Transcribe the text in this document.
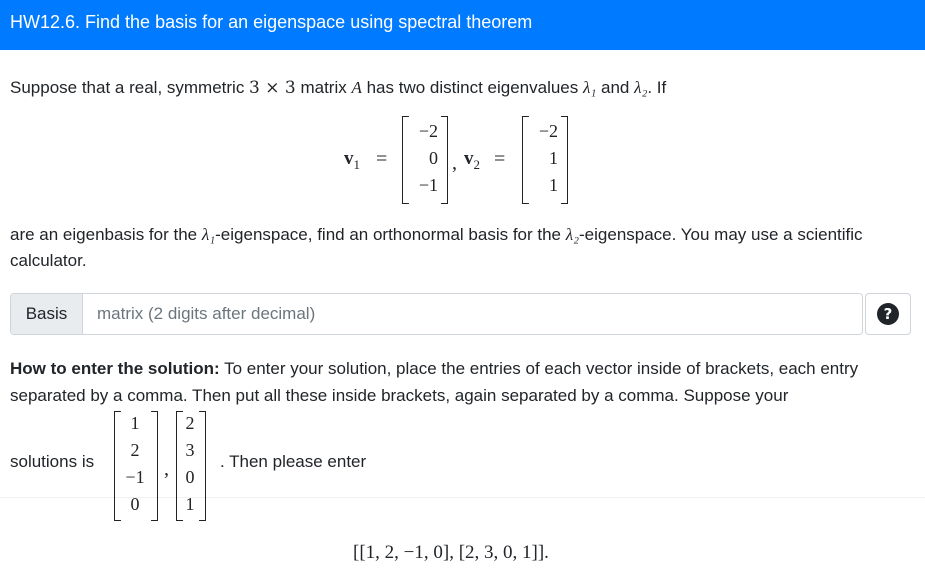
HW12.6. Find the basis for an eigenspace using spectral theorem
Suppose that a real, symmetric 3 × 3 matrix A has two distinct eigenvalues λ₁ and λ₂. If
$v_1$ =
−2
0
−1
, $v_2$ =
−2
1
1
are an eigenbasis for the λ₁-eigenspace, find an orthonormal basis for the λ₂-eigenspace. You may use a scientific calculator.
Basis
matrix (2 digits after decimal)	?
How to enter the solution: To enter your solution, place the entries of each vector inside of brackets, each entry separated by a comma. Then put all these inside brackets, again separated by a comma. Suppose your
solutions is
1
2
−1
0
,
2
3
0
1
. Then please enter
[[1, 2, −1, 0], [2, 3, 0, 1]].
